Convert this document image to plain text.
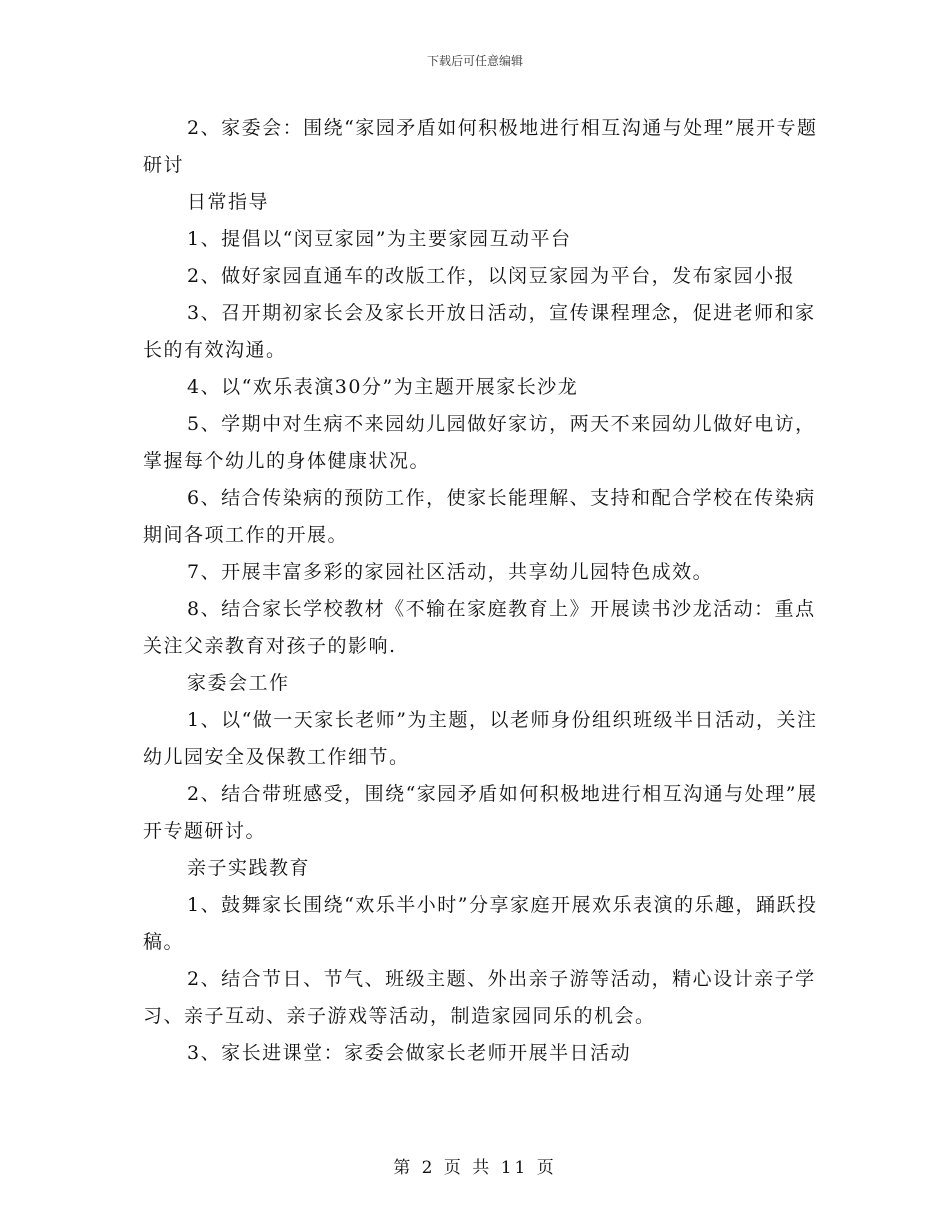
下载后可任意编辑

2、家委会：围绕“家园矛盾如何积极地进行相互沟通与处理”展开专题研讨

日常指导

1、提倡以“闵豆家园”为主要家园互动平台

2、做好家园直通车的改版工作，以闵豆家园为平台，发布家园小报

3、召开期初家长会及家长开放日活动，宣传课程理念，促进老师和家长的有效沟通。

4、以“欢乐表演30分”为主题开展家长沙龙

5、学期中对生病不来园幼儿园做好家访，两天不来园幼儿做好电访，掌握每个幼儿的身体健康状况。

6、结合传染病的预防工作，使家长能理解、支持和配合学校在传染病期间各项工作的开展。

7、开展丰富多彩的家园社区活动，共享幼儿园特色成效。

8、结合家长学校教材《不输在家庭教育上》开展读书沙龙活动：重点关注父亲教育对孩子的影响.

家委会工作

1、以“做一天家长老师”为主题，以老师身份组织班级半日活动，关注幼儿园安全及保教工作细节。

2、结合带班感受，围绕“家园矛盾如何积极地进行相互沟通与处理”展开专题研讨。

亲子实践教育

1、鼓舞家长围绕“欢乐半小时”分享家庭开展欢乐表演的乐趣，踊跃投稿。

2、结合节日、节气、班级主题、外出亲子游等活动，精心设计亲子学习、亲子互动、亲子游戏等活动，制造家园同乐的机会。

3、家长进课堂：家委会做家长老师开展半日活动

第 2 页 共 11 页
